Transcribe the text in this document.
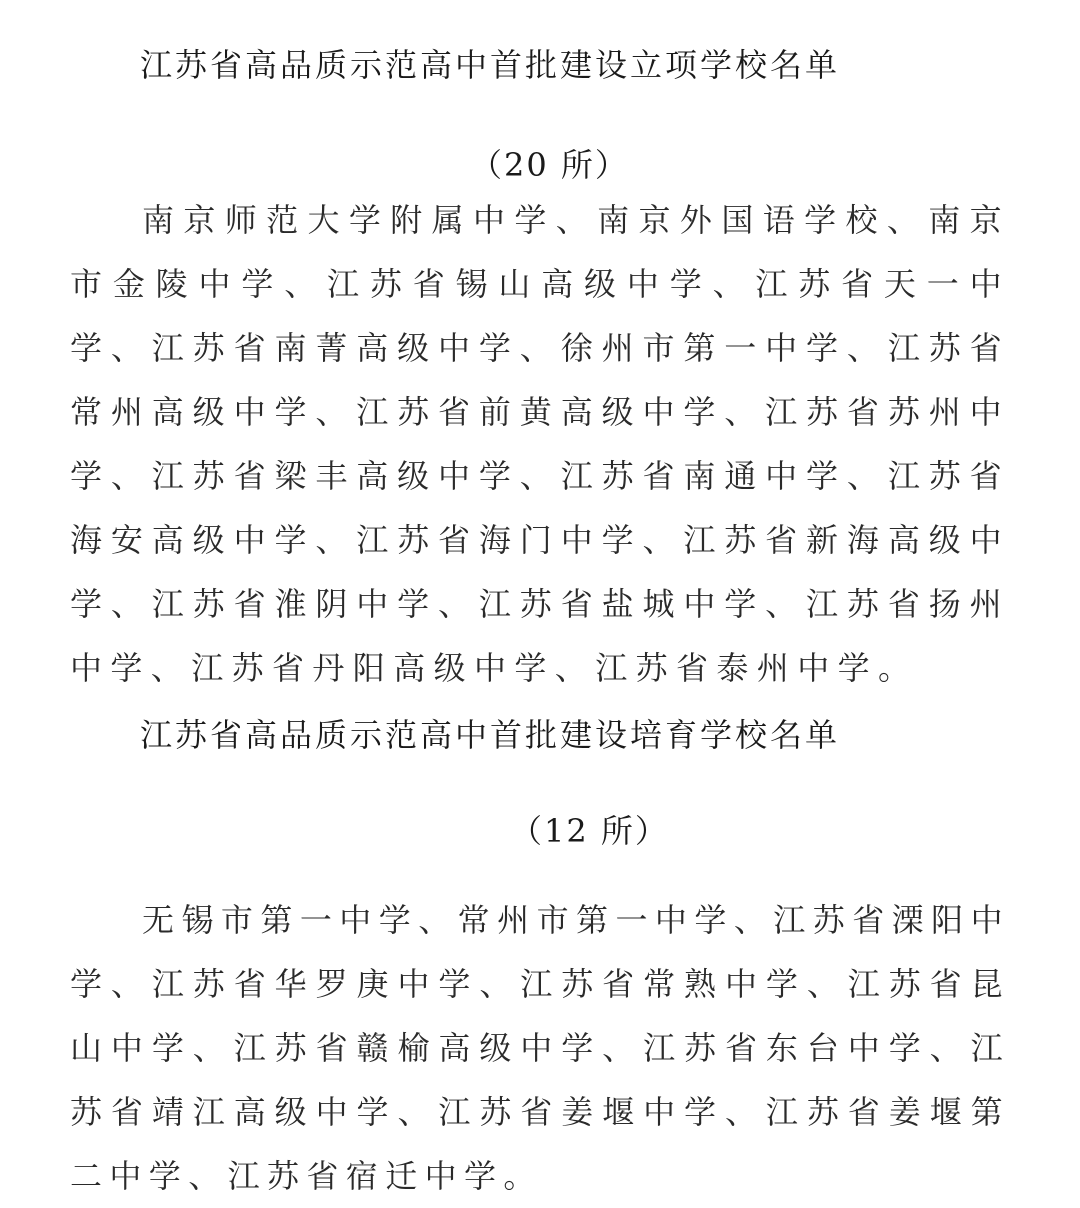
江苏省高品质示范高中首批建设立项学校名单
（20 所）
南京师范大学附属中学、南京外国语学校、南京市金陵中学、江苏省锡山高级中学、江苏省天一中学、江苏省南菁高级中学、徐州市第一中学、江苏省常州高级中学、江苏省前黄高级中学、江苏省苏州中学、江苏省梁丰高级中学、江苏省南通中学、江苏省海安高级中学、江苏省海门中学、江苏省新海高级中学、江苏省淮阴中学、江苏省盐城中学、江苏省扬州中学、江苏省丹阳高级中学、江苏省泰州中学。
江苏省高品质示范高中首批建设培育学校名单
（12 所）
无锡市第一中学、常州市第一中学、江苏省溧阳中学、江苏省华罗庚中学、江苏省常熟中学、江苏省昆山中学、江苏省赣榆高级中学、江苏省东台中学、江苏省靖江高级中学、江苏省姜堰中学、江苏省姜堰第二中学、江苏省宿迁中学。
